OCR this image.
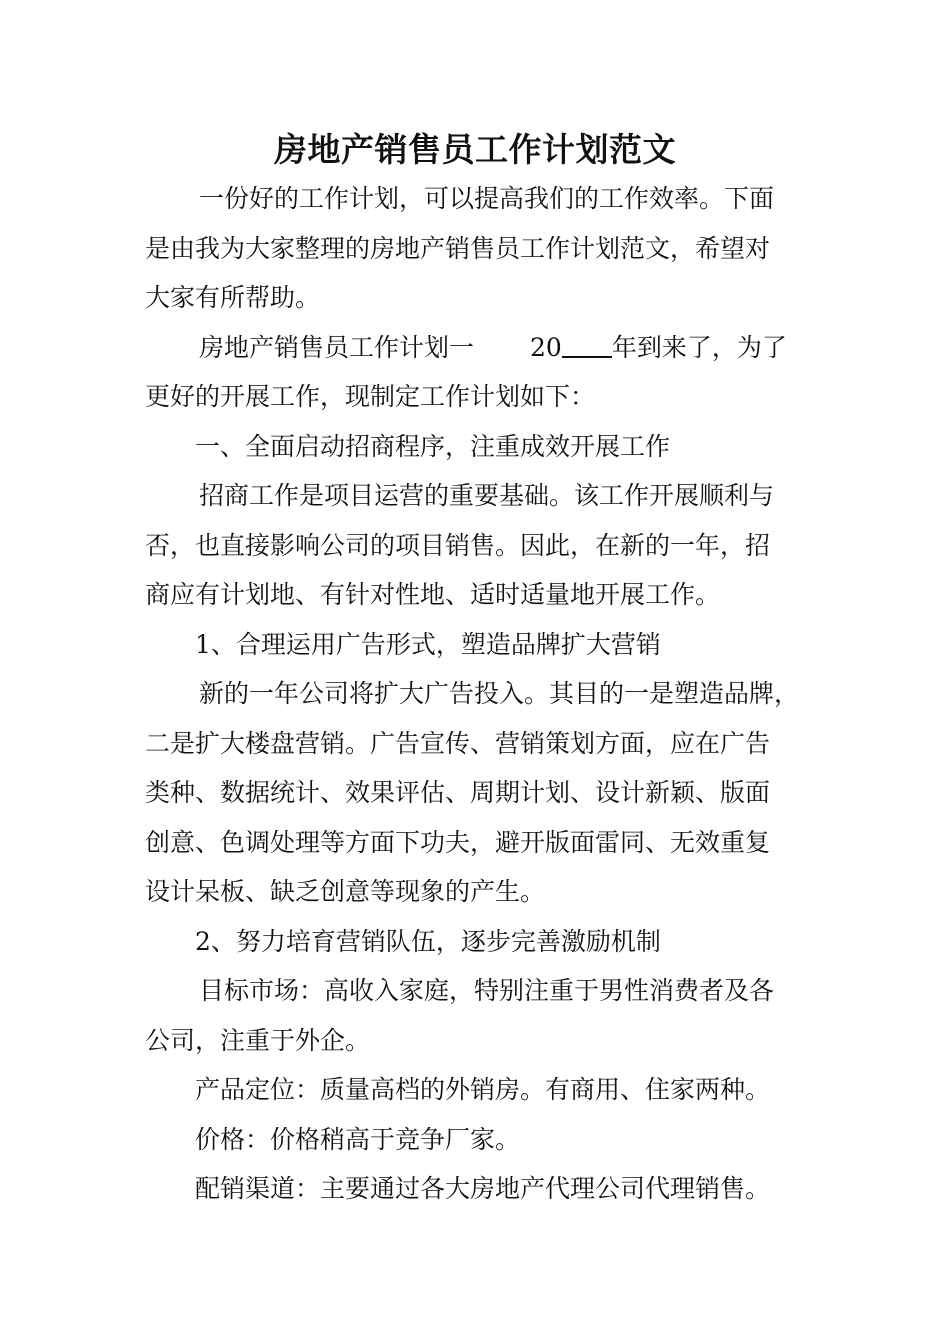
房地产销售员工作计划范文
一份好的工作计划，可以提高我们的工作效率。下面
是由我为大家整理的房地产销售员工作计划范文，希望对
大家有所帮助。
房地产销售员工作计划一 20 年到来了，为了
更好的开展工作，现制定工作计划如下：
一、全面启动招商程序，注重成效开展工作
招商工作是项目运营的重要基础。该工作开展顺利与
否，也直接影响公司的项目销售。因此，在新的一年，招
商应有计划地、有针对性地、适时适量地开展工作。
1、合理运用广告形式，塑造品牌扩大营销
新的一年公司将扩大广告投入。其目的一是塑造品牌，
二是扩大楼盘营销。广告宣传、营销策划方面，应在广告
类种、数据统计、效果评估、周期计划、设计新颖、版面
创意、色调处理等方面下功夫，避开版面雷同、无效重复
设计呆板、缺乏创意等现象的产生。
2、努力培育营销队伍，逐步完善激励机制
目标市场：高收入家庭，特别注重于男性消费者及各
公司，注重于外企。
产品定位：质量高档的外销房。有商用、住家两种。
价格：价格稍高于竞争厂家。
配销渠道：主要通过各大房地产代理公司代理销售。
